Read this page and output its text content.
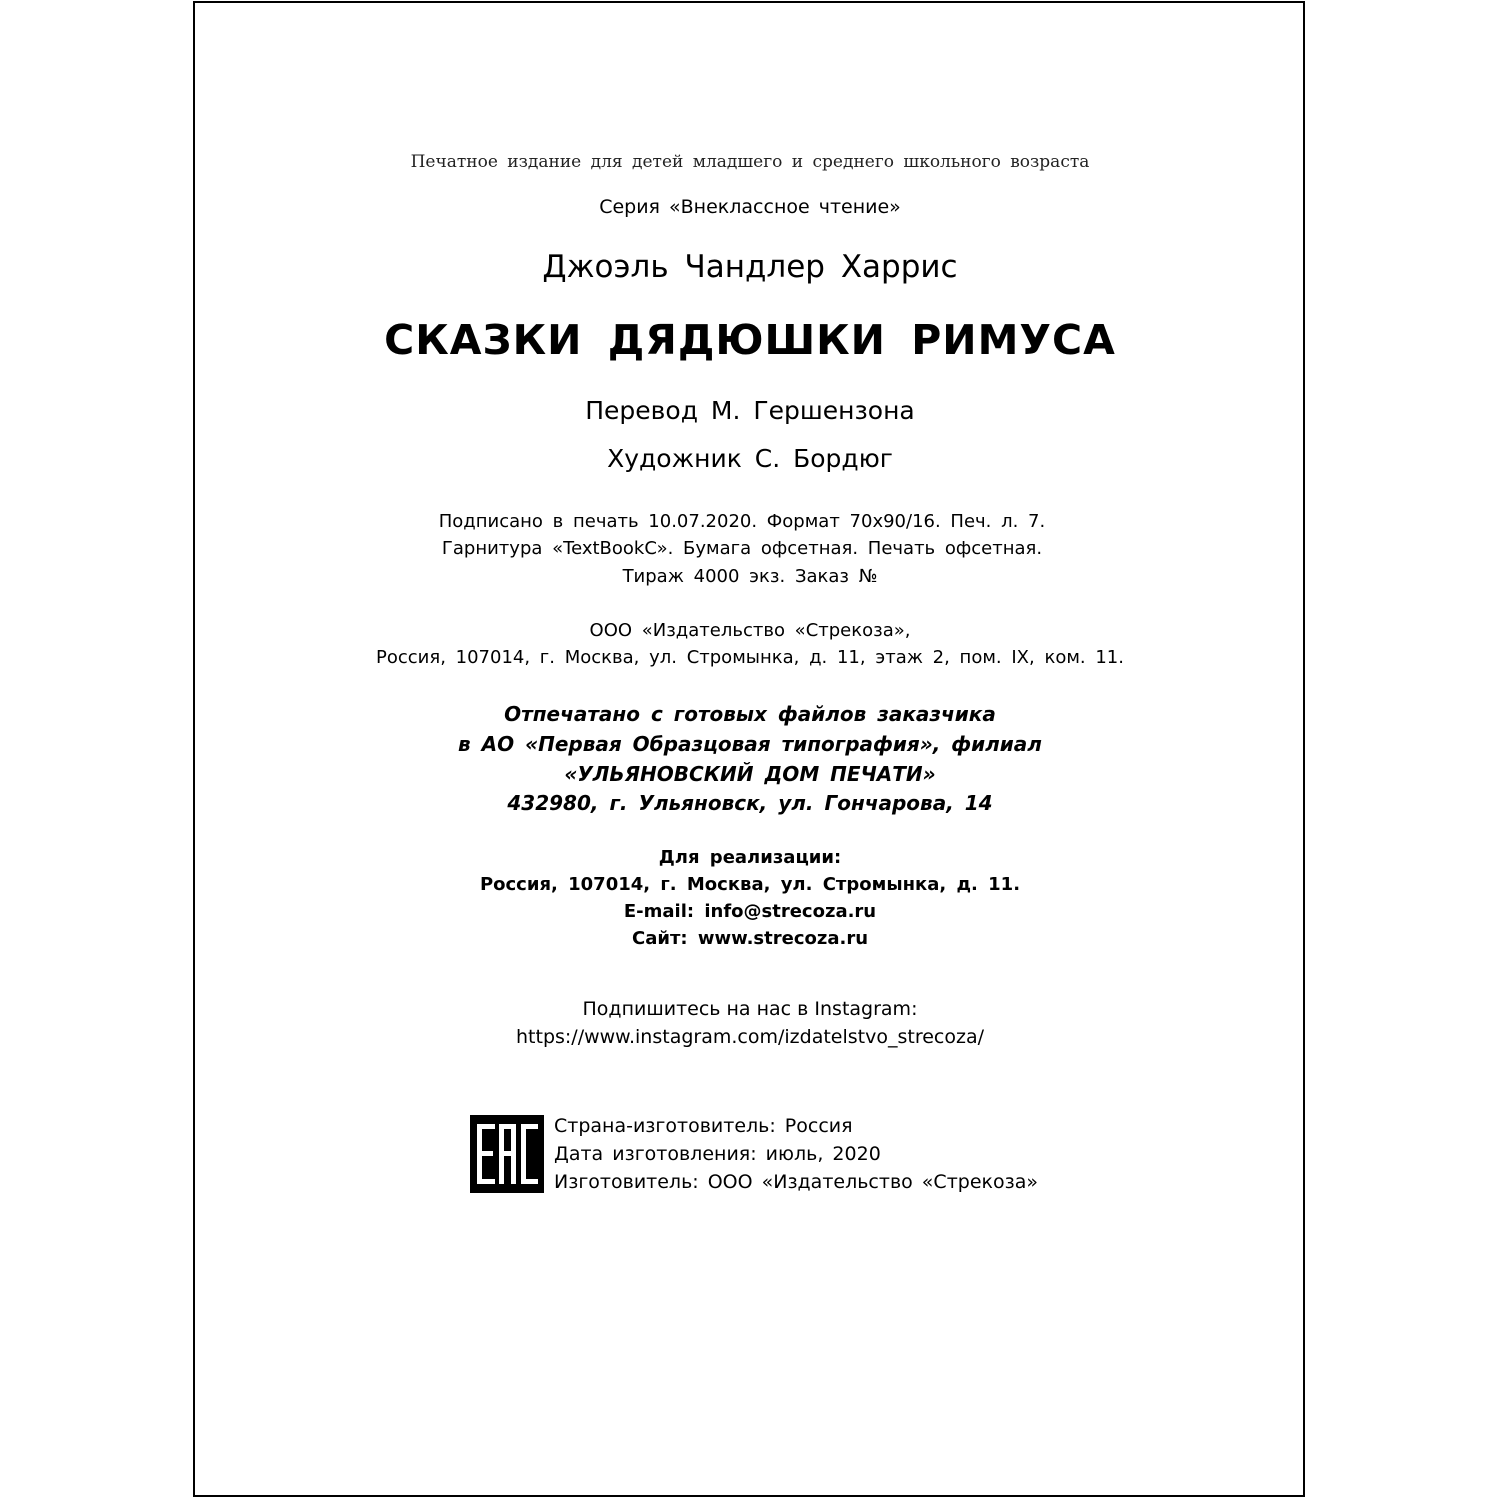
Печатное издание для детей младшего и среднего школьного возраста
Серия «Внеклассное чтение»
Джоэль Чандлер Харрис
СКАЗКИ ДЯДЮШКИ РИМУСА
Перевод М. Гершензона
Художник С. Бордюг
Подписано в печать 10.07.2020. Формат 70x90/16. Печ. л. 7.
Гарнитура «TextBookC». Бумага офсетная. Печать офсетная.
Тираж 4000 экз. Заказ №
ООО «Издательство «Стрекоза»,
Россия, 107014, г. Москва, ул. Стромынка, д. 11, этаж 2, пом. IX, ком. 11.
Отпечатано с готовых файлов заказчика
в АО «Первая Образцовая типография», филиал
«УЛЬЯНОВСКИЙ ДОМ ПЕЧАТИ»
432980, г. Ульяновск, ул. Гончарова, 14
Для реализации:
Россия, 107014, г. Москва, ул. Стромынка, д. 11.
E-mail: info@strecoza.ru
Сайт: www.strecoza.ru
Подпишитесь на нас в Instagram:
https://www.instagram.com/izdatelstvo_strecoza/
Страна-изготовитель: Россия
Дата изготовления: июль, 2020
Изготовитель: ООО «Издательство «Стрекоза»
